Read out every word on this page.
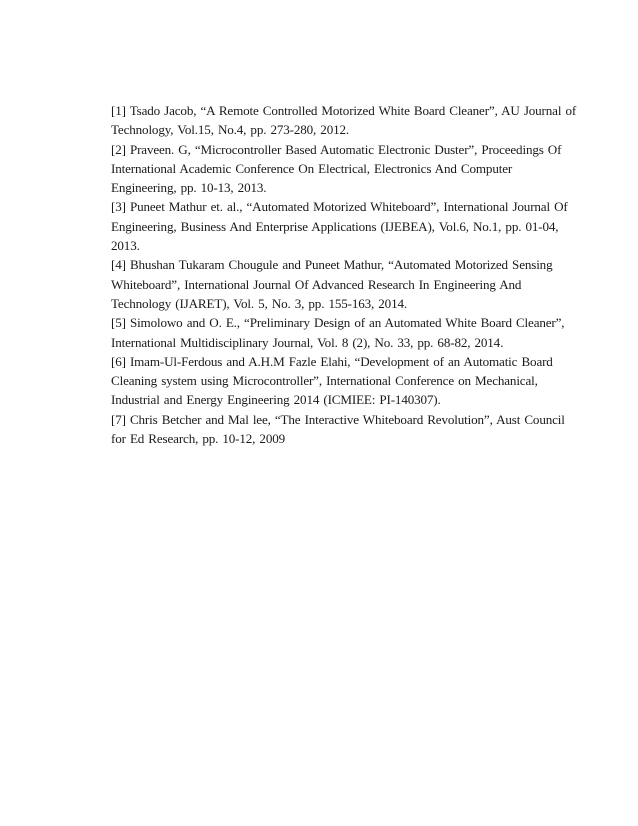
[1] Tsado Jacob, “A Remote Controlled Motorized White Board Cleaner”, AU Journal of
Technology, Vol.15, No.4, pp. 273-280, 2012.
[2] Praveen. G, “Microcontroller Based Automatic Electronic Duster”, Proceedings Of
International Academic Conference On Electrical, Electronics And Computer
Engineering, pp. 10-13, 2013.
[3] Puneet Mathur et. al., “Automated Motorized Whiteboard”, International Journal Of
Engineering, Business And Enterprise Applications (IJEBEA), Vol.6, No.1, pp. 01-04,
2013.
[4] Bhushan Tukaram Chougule and Puneet Mathur, “Automated Motorized Sensing
Whiteboard”, International Journal Of Advanced Research In Engineering And
Technology (IJARET), Vol. 5, No. 3, pp. 155-163, 2014.
[5] Simolowo and O. E., “Preliminary Design of an Automated White Board Cleaner”,
International Multidisciplinary Journal, Vol. 8 (2), No. 33, pp. 68-82, 2014.
[6] Imam-Ul-Ferdous and A.H.M Fazle Elahi, “Development of an Automatic Board
Cleaning system using Microcontroller”, International Conference on Mechanical,
Industrial and Energy Engineering 2014 (ICMIEE: PI-140307).
[7] Chris Betcher and Mal lee, “The Interactive Whiteboard Revolution”, Aust Council
for Ed Research, pp. 10-12, 2009
